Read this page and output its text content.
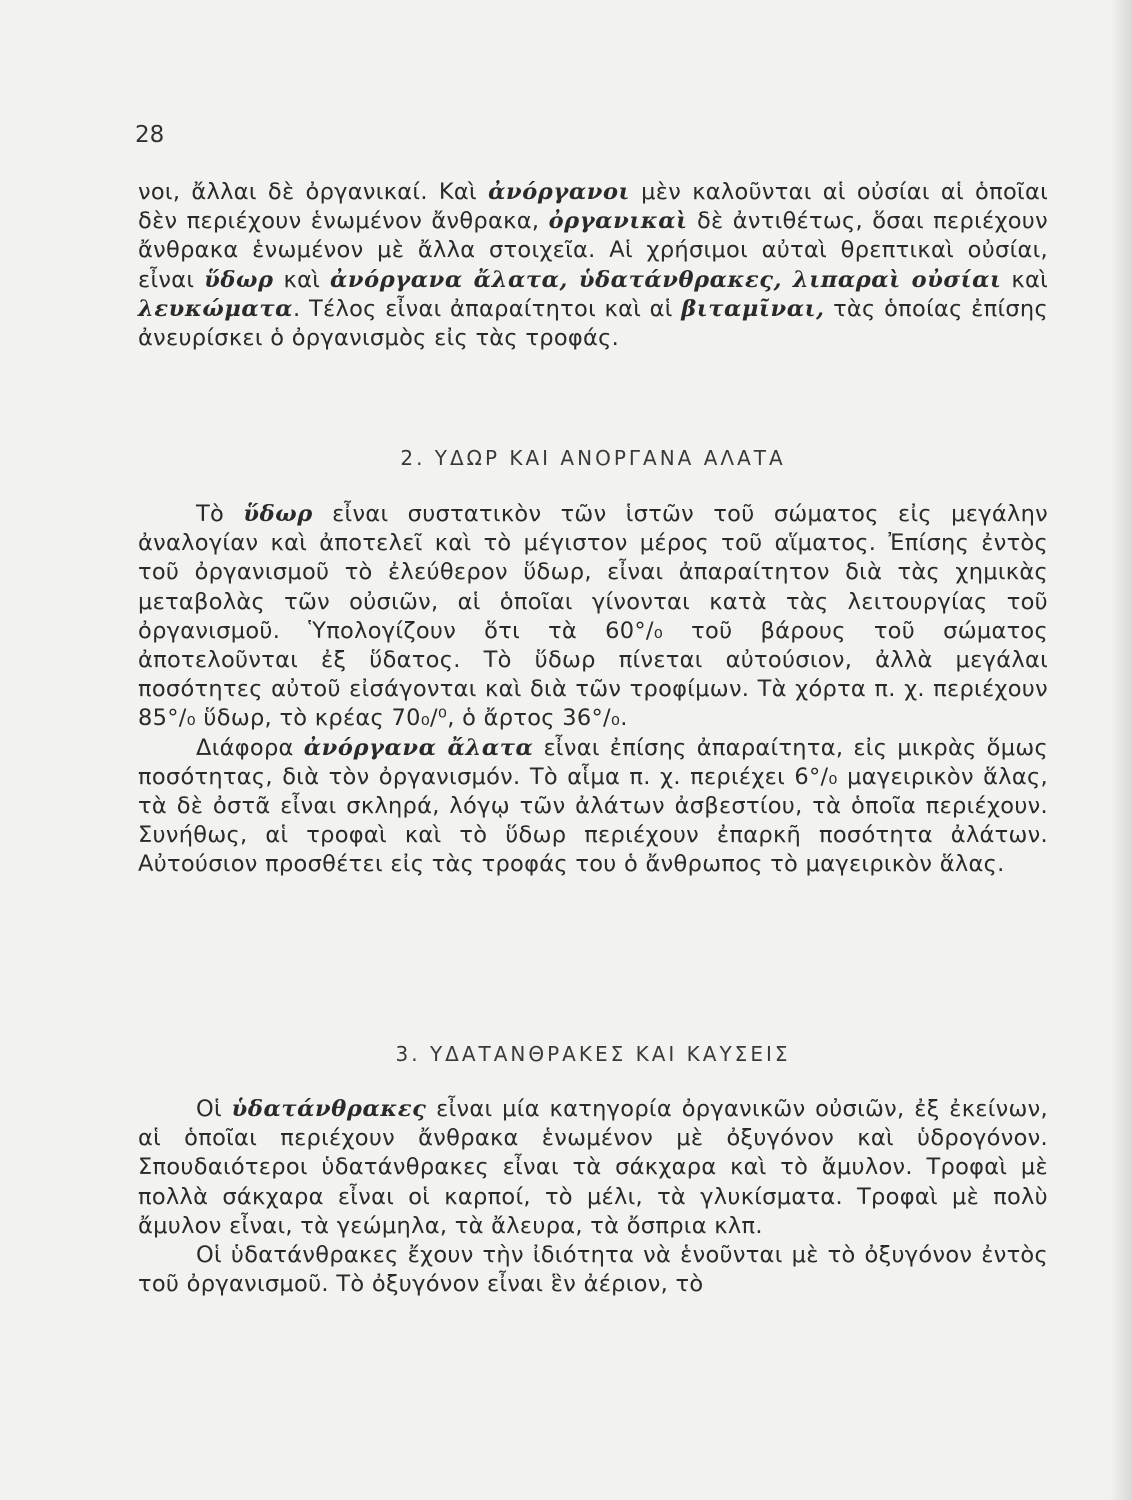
28

νοι, ἄλλαι δὲ ὀργανικαί. Καὶ ἀνόργανοι μὲν καλοῦνται αἱ οὐσίαι αἱ ὁποῖαι δὲν περιέχουν ἑνωμένον ἄνθρακα, ὀργανικαὶ δὲ ἀντιθέτως, ὅσαι περιέχουν ἄνθρακα ἑνωμένον μὲ ἄλλα στοιχεῖα. Αἱ χρήσιμοι αὐταὶ θρεπτικαὶ οὐσίαι, εἶναι ὕδωρ καὶ ἀνόργανα ἄλατα, ὑδατάνθρακες, λιπαραὶ οὐσίαι καὶ λευκώματα. Τέλος εἶναι ἀπαραίτητοι καὶ αἱ βιταμῖναι, τὰς ὁποίας ἐπίσης ἀνευρίσκει ὁ ὀργανισμὸς εἰς τὰς τροφάς.

2. ΥΔΩΡ ΚΑΙ ΑΝΟΡΓΑΝΑ ΑΛΑΤΑ

Τὸ ὕδωρ εἶναι συστατικὸν τῶν ἱστῶν τοῦ σώματος εἰς μεγάλην ἀναλογίαν καὶ ἀποτελεῖ καὶ τὸ μέγιστον μέρος τοῦ αἵματος. Ἐπίσης ἐντὸς τοῦ ὀργανισμοῦ τὸ ἐλεύθερον ὕδωρ, εἶναι ἀπαραίτητον διὰ τὰς χημικὰς μεταβολὰς τῶν οὐσιῶν, αἱ ὁποῖαι γίνονται κατὰ τὰς λειτουργίας τοῦ ὀργανισμοῦ. Ὑπολογίζουν ὅτι τὰ 60°/₀ τοῦ βάρους τοῦ σώματος ἀποτελοῦνται ἐξ ὕδατος. Τὸ ὕδωρ πίνεται αὐτούσιον, ἀλλὰ μεγάλαι ποσότητες αὐτοῦ εἰσάγονται καὶ διὰ τῶν τροφίμων. Τὰ χόρτα π. χ. περιέχουν 85°/₀ ὕδωρ, τὸ κρέας 70₀/⁰, ὁ ἄρτος 36°/₀.

Διάφορα ἀνόργανα ἄλατα εἶναι ἐπίσης ἀπαραίτητα, εἰς μικρὰς ὅμως ποσότητας, διὰ τὸν ὀργανισμόν. Τὸ αἷμα π. χ. περιέχει 6°/₀ μαγειρικὸν ἅλας, τὰ δὲ ὀστᾶ εἶναι σκληρά, λόγῳ τῶν ἀλάτων ἀσβεστίου, τὰ ὁποῖα περιέχουν. Συνήθως, αἱ τροφαὶ καὶ τὸ ὕδωρ περιέχουν ἐπαρκῆ ποσότητα ἀλάτων. Αὐτούσιον προσθέτει εἰς τὰς τροφάς του ὁ ἄνθρωπος τὸ μαγειρικὸν ἅλας.

3. ΥΔΑΤΑΝΘΡΑΚΕΣ ΚΑΙ ΚΑΥΣΕΙΣ

Οἱ ὑδατάνθρακες εἶναι μία κατηγορία ὀργανικῶν οὐσιῶν, ἐξ ἐκείνων, αἱ ὁποῖαι περιέχουν ἄνθρακα ἑνωμένον μὲ ὀξυγόνον καὶ ὑδρογόνον. Σπουδαιότεροι ὑδατάνθρακες εἶναι τὰ σάκχαρα καὶ τὸ ἄμυλον. Τροφαὶ μὲ πολλὰ σάκχαρα εἶναι οἱ καρποί, τὸ μέλι, τὰ γλυκίσματα. Τροφαὶ μὲ πολὺ ἄμυλον εἶναι, τὰ γεώμηλα, τὰ ἄλευρα, τὰ ὄσπρια κλπ.

Οἱ ὑδατάνθρακες ἔχουν τὴν ἰδιότητα νὰ ἑνοῦνται μὲ τὸ ὀξυγόνον ἐντὸς τοῦ ὀργανισμοῦ. Τὸ ὀξυγόνον εἶναι ἓν ἀέριον, τὸ
